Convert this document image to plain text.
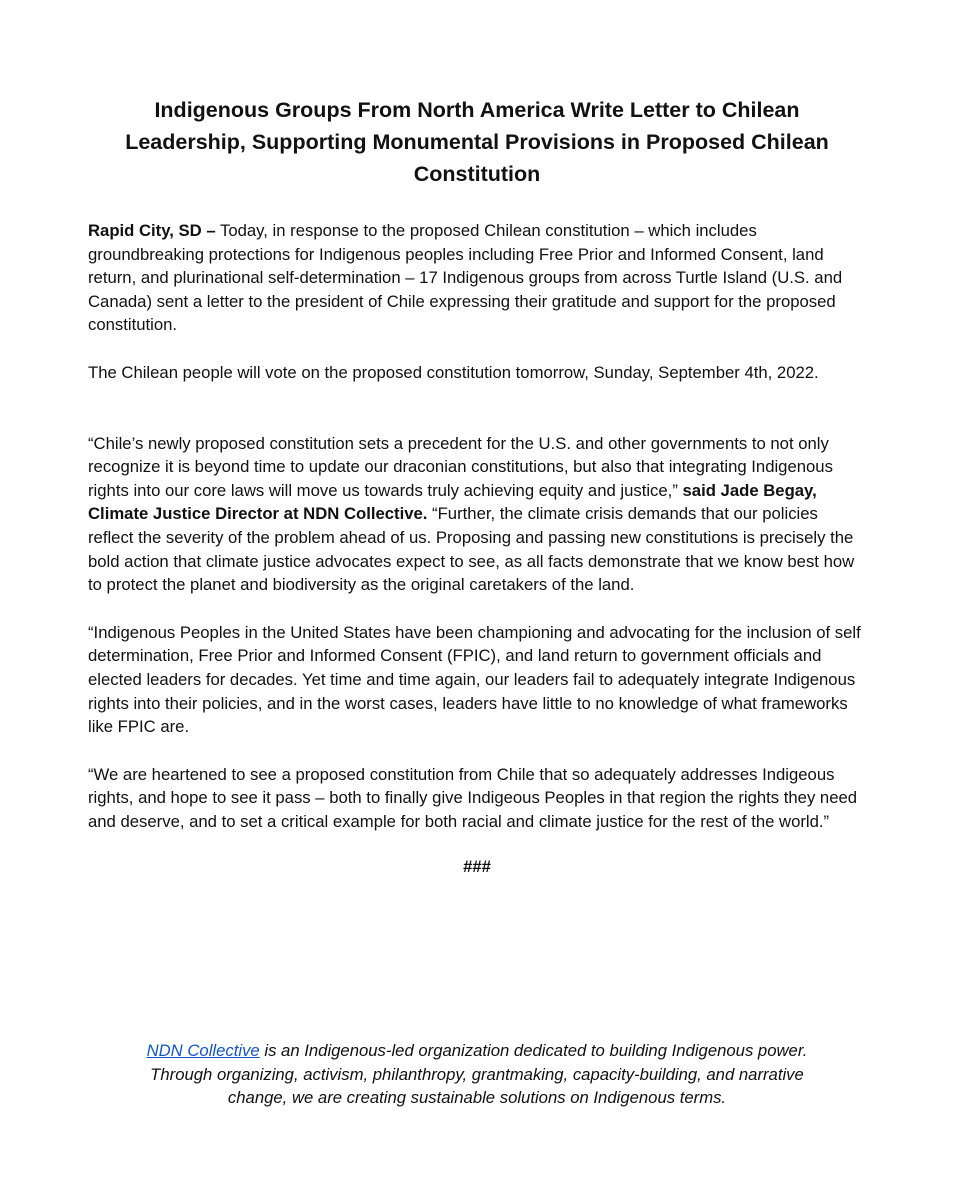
Indigenous Groups From North America Write Letter to Chilean
Leadership, Supporting Monumental Provisions in Proposed Chilean
Constitution

Rapid City, SD – Today, in response to the proposed Chilean constitution – which includes groundbreaking protections for Indigenous peoples including Free Prior and Informed Consent, land return, and plurinational self-determination – 17 Indigenous groups from across Turtle Island (U.S. and Canada) sent a letter to the president of Chile expressing their gratitude and support for the proposed constitution.

The Chilean people will vote on the proposed constitution tomorrow, Sunday, September 4th, 2022.

“Chile’s newly proposed constitution sets a precedent for the U.S. and other governments to not only recognize it is beyond time to update our draconian constitutions, but also that integrating Indigenous rights into our core laws will move us towards truly achieving equity and justice,” said Jade Begay, Climate Justice Director at NDN Collective. “Further, the climate crisis demands that our policies reflect the severity of the problem ahead of us. Proposing and passing new constitutions is precisely the bold action that climate justice advocates expect to see, as all facts demonstrate that we know best how to protect the planet and biodiversity as the original caretakers of the land.

“Indigenous Peoples in the United States have been championing and advocating for the inclusion of self determination, Free Prior and Informed Consent (FPIC), and land return to government officials and elected leaders for decades. Yet time and time again, our leaders fail to adequately integrate Indigenous rights into their policies, and in the worst cases, leaders have little to no knowledge of what frameworks like FPIC are.

“We are heartened to see a proposed constitution from Chile that so adequately addresses Indigeous rights, and hope to see it pass – both to finally give Indigeous Peoples in that region the rights they need and deserve, and to set a critical example for both racial and climate justice for the rest of the world.”

###
NDN Collective is an Indigenous-led organization dedicated to building Indigenous power.
Through organizing, activism, philanthropy, grantmaking, capacity-building, and narrative
change, we are creating sustainable solutions on Indigenous terms.
